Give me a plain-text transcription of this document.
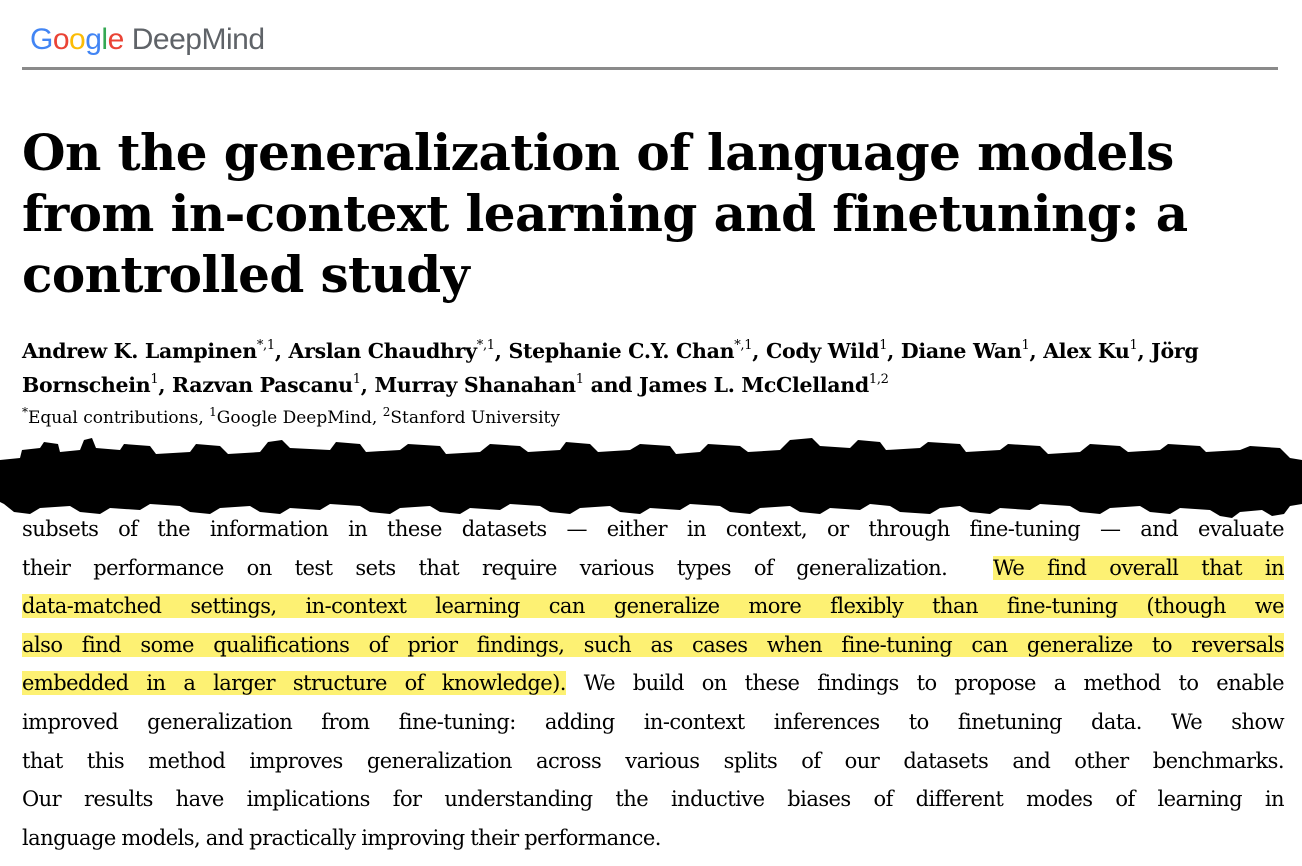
Google DeepMind
On the generalization of language models
from in-context learning and finetuning: a
controlled study
Andrew K. Lampinen$^{*,1}$, Arslan Chaudhry$^{*,1}$, Stephanie C.Y. Chan$^{*,1}$, Cody Wild$^1$, Diane Wan$^1$, Alex Ku$^1$, Jörg
Bornschein$^1$, Razvan Pascanu$^1$, Murray Shanahan$^1$ and James L. McClelland$^{1,2}$
*Equal contributions, $^1$Google DeepMind, $^2$Stanford University
subsets of the information in these datasets — either in context, or through fine-tuning — and evaluate
their performance on test sets that require various types of generalization. We find overall that in
data-matched settings, in-context learning can generalize more flexibly than fine-tuning (though we
also find some qualifications of prior findings, such as cases when fine-tuning can generalize to reversals
embedded in a larger structure of knowledge). We build on these findings to propose a method to enable
improved generalization from fine-tuning: adding in-context inferences to finetuning data. We show
that this method improves generalization across various splits of our datasets and other benchmarks.
Our results have implications for understanding the inductive biases of different modes of learning in
language models, and practically improving their performance.
